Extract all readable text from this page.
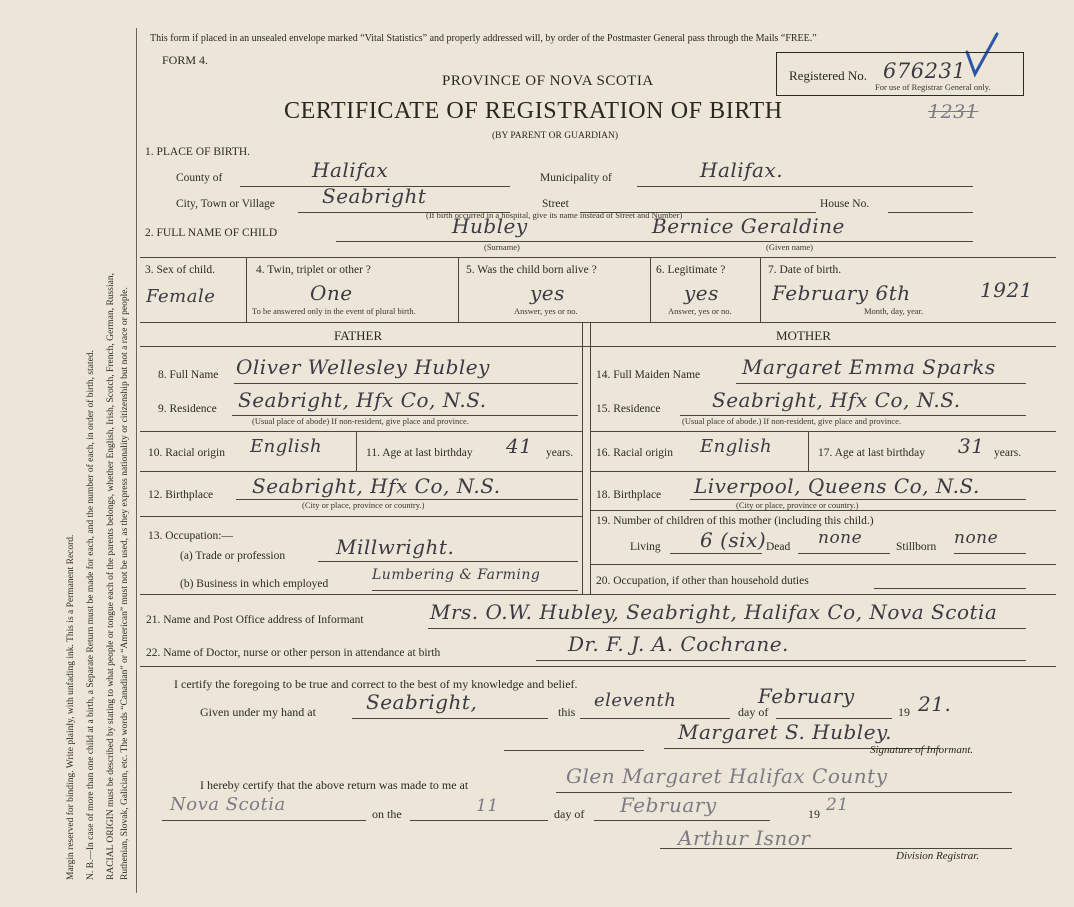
Margin reserved for binding. Write plainly, with unfading ink. This is a Permanent Record. N. B.—In case of more than one child at a birth, a Separate Return must be made for each, and the number of each, in order of birth, stated. RACIAL ORIGIN must be described by stating to what people or tongue each of the parents belongs, whether English, Irish, Scotch, French, German, Russian, Ruthenian, Slovak, Galician, etc. The words “Canadian” or “American” must not be used, as they express nationality or citizenship but not a race or people.
This form if placed in an unsealed envelope marked “Vital Statistics” and properly addressed will, by order of the Postmaster General pass through the Mails “FREE.”
FORM 4.
PROVINCE OF NOVA SCOTIA
CERTIFICATE OF REGISTRATION OF BIRTH
(BY PARENT OR GUARDIAN)
1231
Registered No. 676231
For use of Registrar General only.
1. PLACE OF BIRTH.
County of	Halifax	Municipality of	Halifax.
City, Town or Village Seabright	Street	House No.
(If birth occurred in a hospital, give its name instead of Street and Number)
2. FULL NAME OF CHILD	Hubley
(Surname)
Bernice Geraldine
(Given name)
3. Sex of child.
Female
4. Twin, triplet or other ?
One
To be answered only in the event of plural birth.
5. Was the child born alive ?
yes
Answer, yes or no.
6. Legitimate ?
yes
Answer, yes or no.
7. Date of birth.
February 6th	1921
Month, day, year.
FATHER	MOTHER
8. Full Name Oliver Wellesley Hubley
9. Residence Seabright, Hfx Co, N.S.
(Usual place of abode) If non-resident, give place and province.
10. Racial origin English	11. Age at last birthday 41 years.
12. Birthplace Seabright, Hfx Co, N.S.
(City or place, province or country.)
13. Occupation:—
(a) Trade or profession	Millwright.
(b) Business in which employed
Lumbering & Farming
14. Full Maiden Name Margaret Emma Sparks
15. Residence	Seabright, Hfx Co, N.S.
(Usual place of abode.) If non-resident, give place and province.
16. Racial origin English	17. Age at last birthday 31 years.
18. Birthplace Liverpool, Queens Co, N.S.
(City or place, province or country.)
19. Number of children of this mother (including this child.)
Living 6 (six) Dead none	Stillborn none
20. Occupation, if other than household duties
21. Name and Post Office address of Informant	Mrs. O.W. Hubley, Seabright, Halifax Co, Nova Scotia
22. Name of Doctor, nurse or other person in attendance at birth	Dr. F. J. A. Cochrane.
I certify the foregoing to be true and correct to the best of my knowledge and belief.
Given under my hand at	Seabright,	this
eleventh
day of
February
19 21.
Margaret S. Hubley.
Signature of Informant.
I hereby certify that the above return was made to me at	Glen Margaret Halifax County
Nova Scotia	on the	11	day of February	19 21
Arthur Isnor
Division Registrar.
